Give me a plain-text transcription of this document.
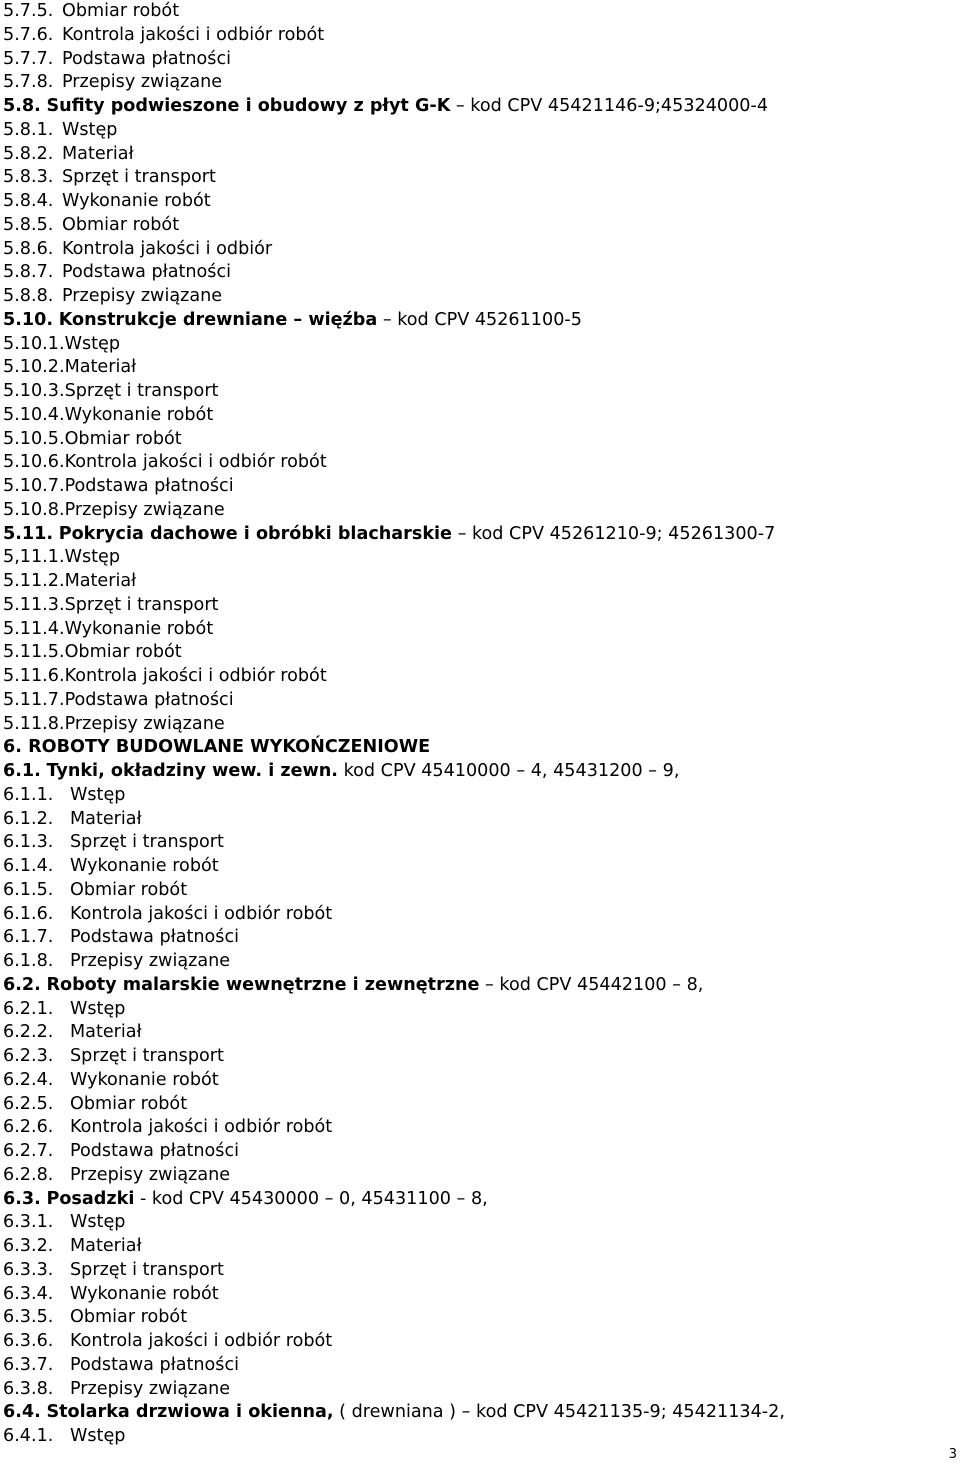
5.7.5. Obmiar robót
5.7.6. Kontrola jakości i odbiór robót
5.7.7. Podstawa płatności
5.7.8. Przepisy związane
5.8. Sufity podwieszone i obudowy z płyt G-K – kod CPV 45421146-9;45324000-4
5.8.1. Wstęp
5.8.2. Materiał
5.8.3. Sprzęt i transport
5.8.4. Wykonanie robót
5.8.5. Obmiar robót
5.8.6. Kontrola jakości i odbiór
5.8.7. Podstawa płatności
5.8.8. Przepisy związane
5.10. Konstrukcje drewniane – więźba – kod CPV 45261100-5
5.10.1.Wstęp
5.10.2.Materiał
5.10.3.Sprzęt i transport
5.10.4.Wykonanie robót
5.10.5.Obmiar robót
5.10.6.Kontrola jakości i odbiór robót
5.10.7.Podstawa płatności
5.10.8.Przepisy związane
5.11. Pokrycia dachowe i obróbki blacharskie – kod CPV 45261210-9; 45261300-7
5,11.1.Wstęp
5.11.2.Materiał
5.11.3.Sprzęt i transport
5.11.4.Wykonanie robót
5.11.5.Obmiar robót
5.11.6.Kontrola jakości i odbiór robót
5.11.7.Podstawa płatności
5.11.8.Przepisy związane
6. ROBOTY BUDOWLANE WYKOŃCZENIOWE
6.1. Tynki, okładziny wew. i zewn. kod CPV 45410000 – 4, 45431200 – 9,
6.1.1. Wstęp
6.1.2. Materiał
6.1.3. Sprzęt i transport
6.1.4. Wykonanie robót
6.1.5. Obmiar robót
6.1.6. Kontrola jakości i odbiór robót
6.1.7. Podstawa płatności
6.1.8. Przepisy związane
6.2. Roboty malarskie wewnętrzne i zewnętrzne – kod CPV 45442100 – 8,
6.2.1. Wstęp
6.2.2. Materiał
6.2.3. Sprzęt i transport
6.2.4. Wykonanie robót
6.2.5. Obmiar robót
6.2.6. Kontrola jakości i odbiór robót
6.2.7. Podstawa płatności
6.2.8. Przepisy związane
6.3. Posadzki - kod CPV 45430000 – 0, 45431100 – 8,
6.3.1. Wstęp
6.3.2. Materiał
6.3.3. Sprzęt i transport
6.3.4. Wykonanie robót
6.3.5. Obmiar robót
6.3.6. Kontrola jakości i odbiór robót
6.3.7. Podstawa płatności
6.3.8. Przepisy związane
6.4. Stolarka drzwiowa i okienna, ( drewniana ) – kod CPV 45421135-9; 45421134-2,
6.4.1. Wstęp
3
